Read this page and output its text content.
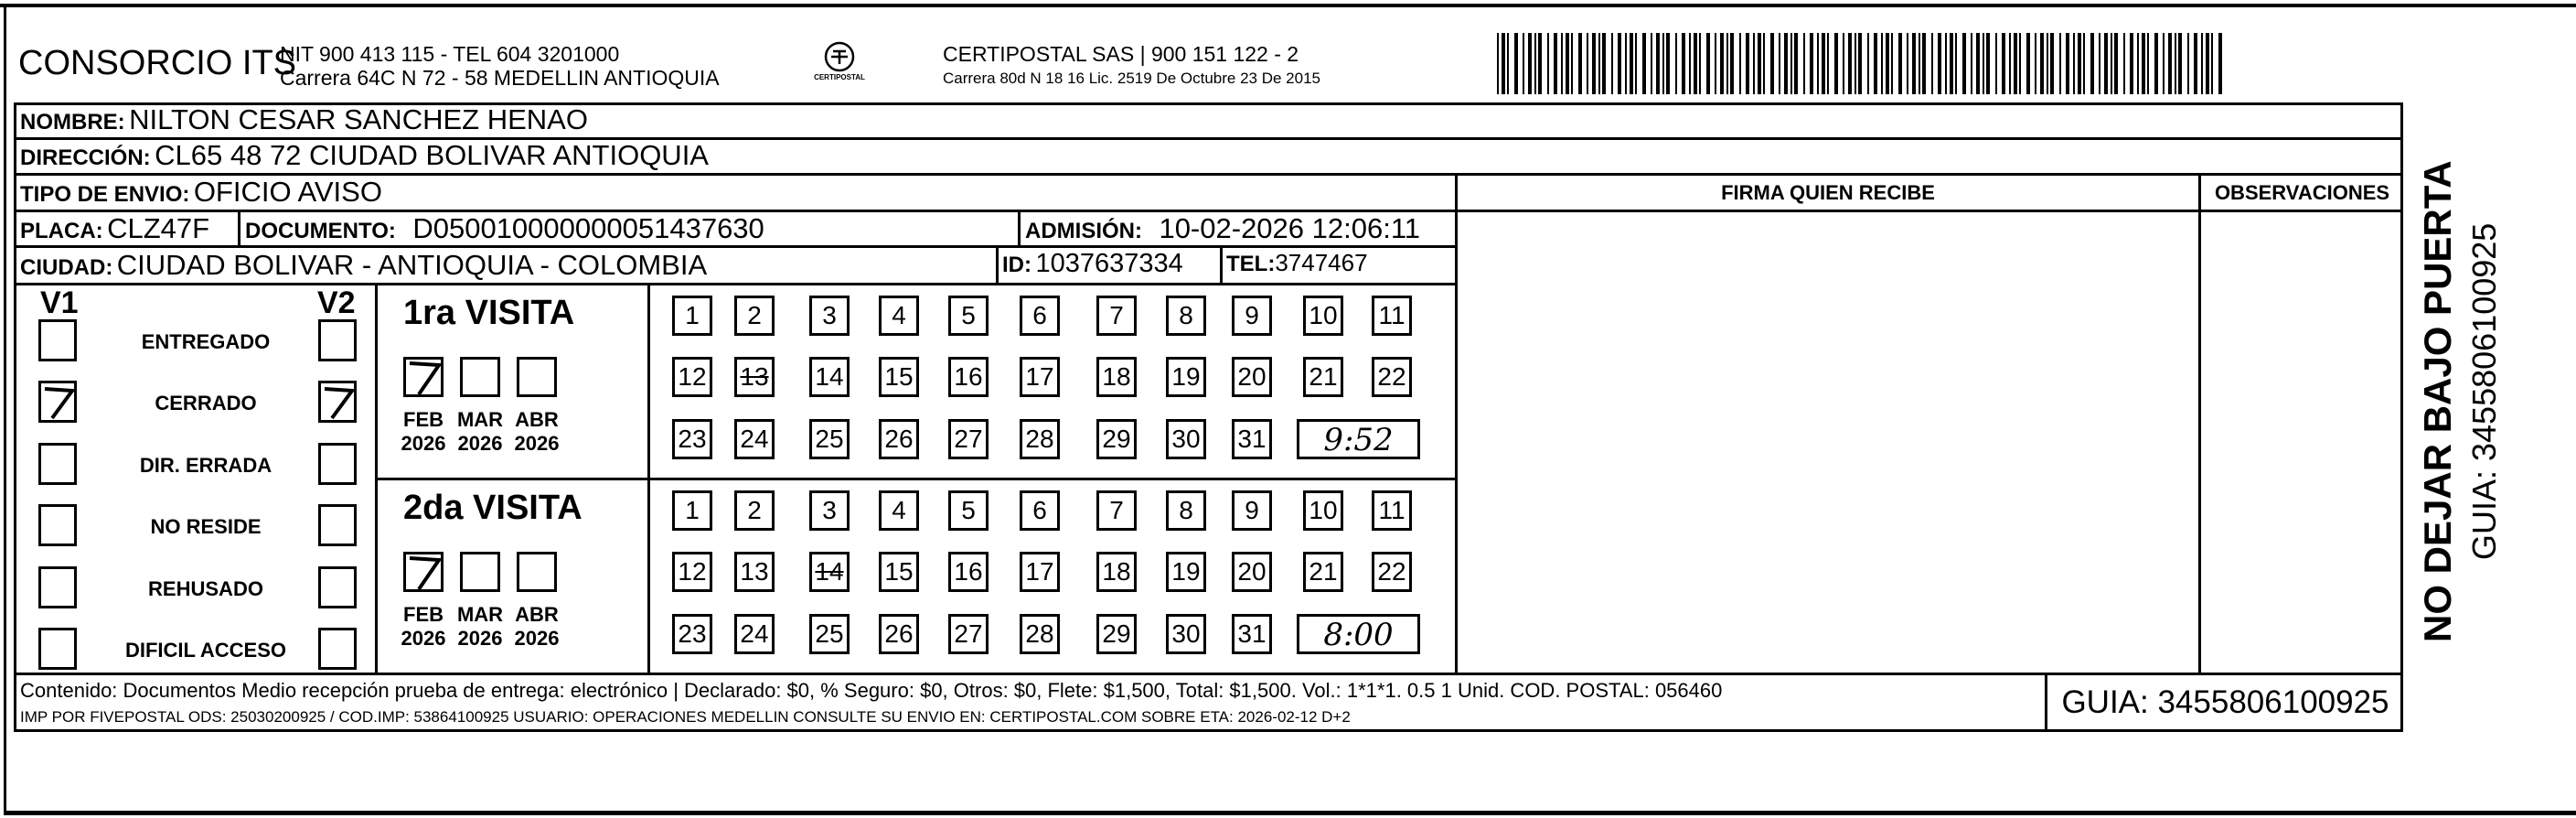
CONSORCIO ITS
NIT 900 413 115 - TEL 604 3201000
Carrera 64C N 72 - 58 MEDELLIN ANTIOQUIA	CERTIPOSTAL
CERTIPOSTAL SAS | 900 151 122 - 2
Carrera 80d N 18 16 Lic. 2519 De Octubre 23 De 2015
NOMBRE: NILTON CESAR SANCHEZ HENAO
DIRECCIÓN: CL65 48 72 CIUDAD BOLIVAR ANTIOQUIA
TIPO DE ENVIO: OFICIO AVISO	FIRMA QUIEN RECIBE	OBSERVACIONES
PLACA: CLZ47F DOCUMENTO: D050010000000051437630	ADMISIÓN: 10-02-2026 12:06:11
CIUDAD: CIUDAD BOLIVAR - ANTIOQUIA - COLOMBIA	ID: 1037637334 TEL:3747467
V1	V2
ENTREGADO
CERRADO
DIR. ERRADA
NO RESIDE
REHUSADO
DIFICIL ACCESO
1ra VISITA
FEB
2026
MAR
2026
ABR
2026
1	2	3	4	5	6	7	8	9	10 11
12 13 14 15 16 17 18 19 20 21 22
23 24 25 26 27 28 29 30 31	9:52
2da VISITA
FEB
2026
MAR
2026
ABR
2026
1	2	3	4	5	6	7	8	9	10 11
12 13 14 15 16 17 18 19 20 21 22
23 24 25 26 27 28 29 30 31	8:00
Contenido: Documentos Medio recepción prueba de entrega: electrónico | Declarado: $0, % Seguro: $0, Otros: $0, Flete: $1,500, Total: $1,500. Vol.: 1*1*1. 0.5 1 Unid. COD. POSTAL: 056460
IMP POR FIVEPOSTAL ODS: 25030200925 / COD.IMP: 53864100925 USUARIO: OPERACIONES MEDELLIN CONSULTE SU ENVIO EN: CERTIPOSTAL.COM SOBRE ETA: 2026-02-12 D+2	GUIA: 3455806100925
NO DEJAR BAJO PUERTA GUIA: 3455806100925
